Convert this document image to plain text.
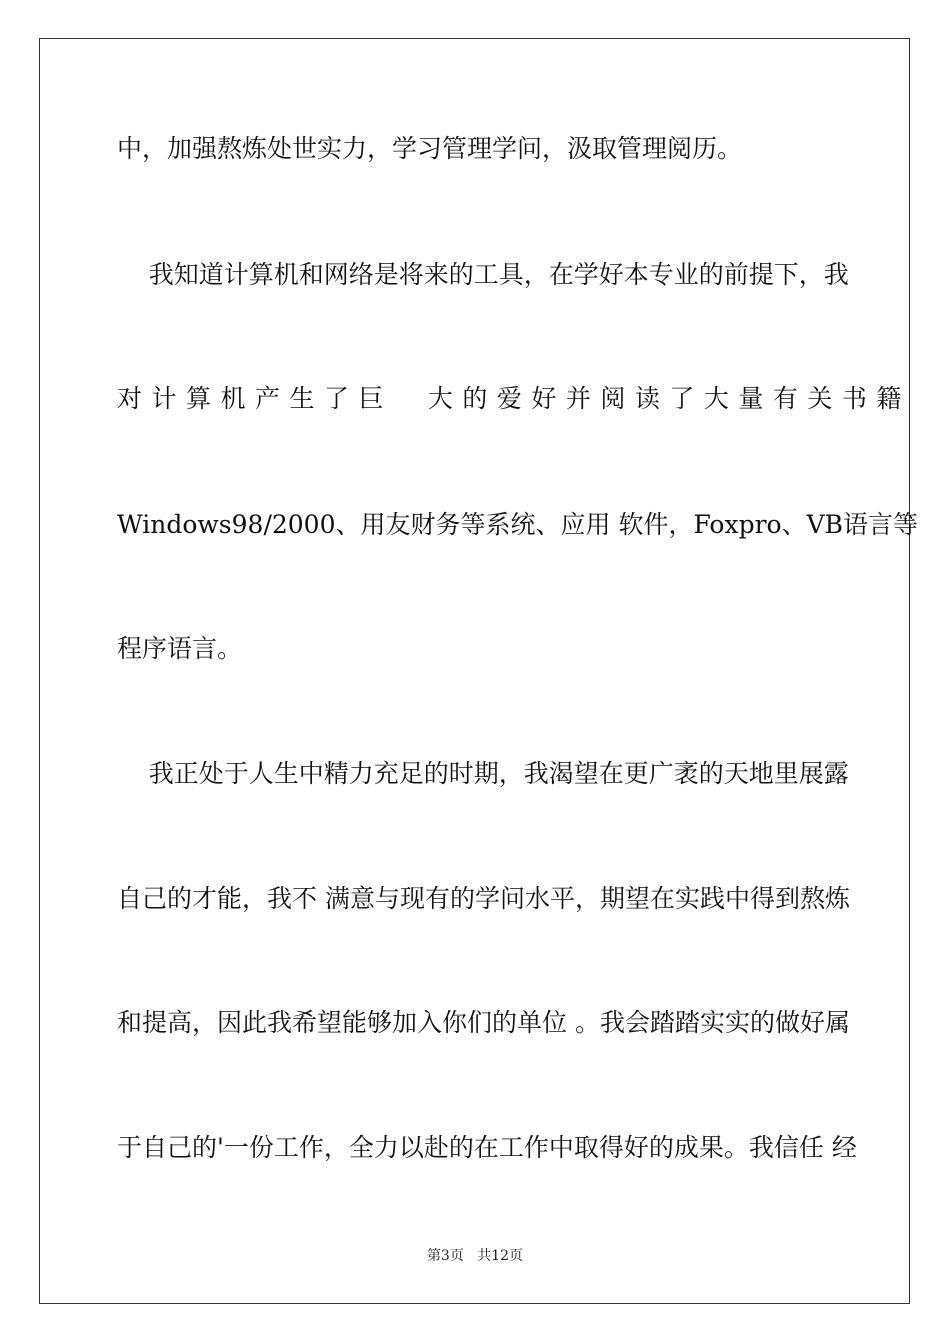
中，加强熬炼处世实力，学习管理学问，汲取管理阅历。
我知道计算机和网络是将来的工具，在学好本专业的前提下，我
对计算机产生了巨  大的爱好并阅读了大量有关书籍
Windows98/2000、用友财务等系统、应用 软件，Foxpro、VB语言等
程序语言。
我正处于人生中精力充足的时期，我渴望在更广袤的天地里展露
自己的才能，我不 满意与现有的学问水平，期望在实践中得到熬炼
和提高，因此我希望能够加入你们的单位 。我会踏踏实实的做好属
于自己的'一份工作，全力以赴的在工作中取得好的成果。我信任 经
第3页 共12页
